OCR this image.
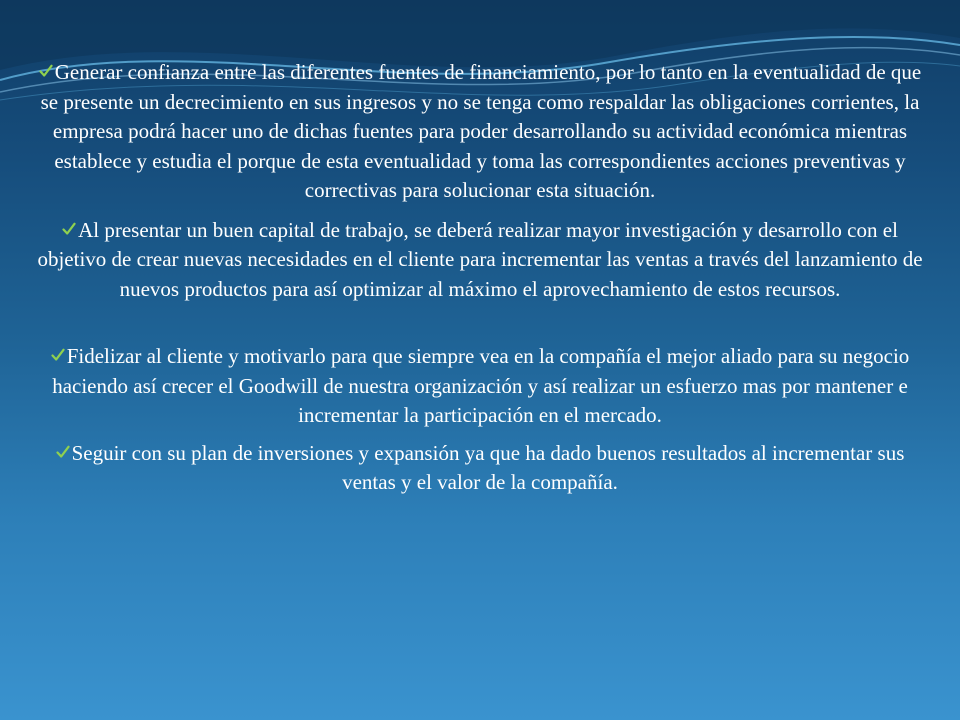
Generar confianza entre las diferentes fuentes de financiamiento, por lo tanto en la eventualidad de que se presente un decrecimiento en sus ingresos y no se tenga como respaldar las obligaciones corrientes, la empresa podrá hacer uno de dichas fuentes para poder desarrollando su actividad económica mientras establece y estudia el porque de esta eventualidad y toma las correspondientes acciones preventivas y correctivas para solucionar esta situación.

Al presentar un buen capital de trabajo, se deberá realizar mayor investigación y desarrollo con el objetivo de crear nuevas necesidades en el cliente para incrementar las ventas a través del lanzamiento de nuevos productos para así optimizar al máximo el aprovechamiento de estos recursos.

Fidelizar al cliente y motivarlo para que siempre vea en la compañía el mejor aliado para su negocio haciendo así crecer el Goodwill de nuestra organización y así realizar un esfuerzo mas por mantener e incrementar la participación en el mercado.

Seguir con su plan de inversiones y expansión ya que ha dado buenos resultados al incrementar sus ventas y el valor de la compañía.
